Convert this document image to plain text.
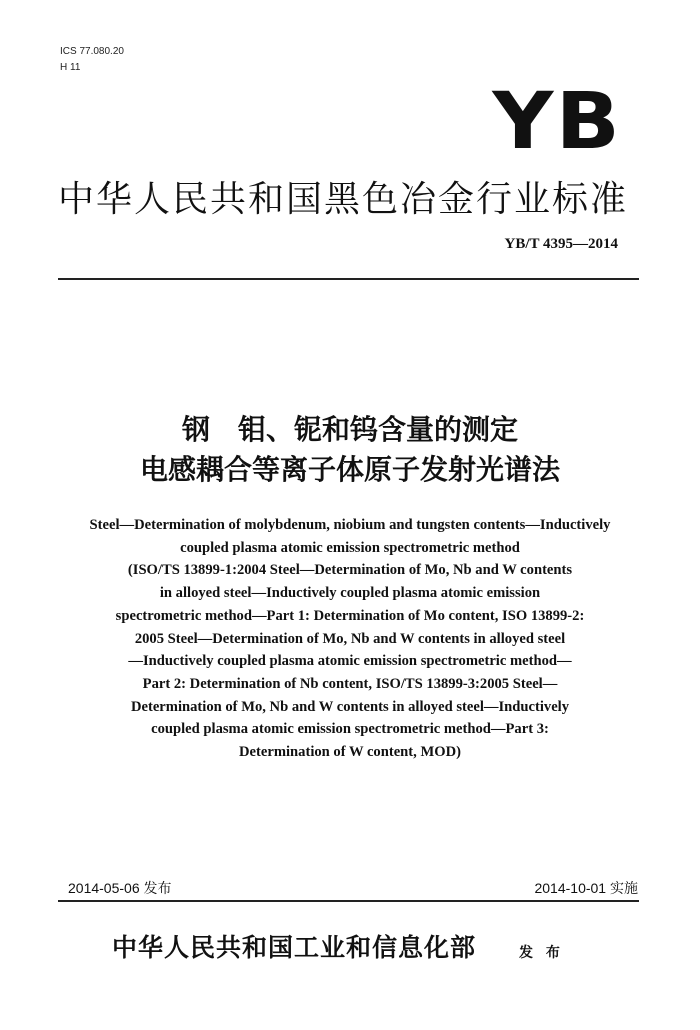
ICS 77.080.20
H 11
YB
中华人民共和国黑色冶金行业标准
YB/T 4395—2014
钢　钼、铌和钨含量的测定
电感耦合等离子体原子发射光谱法
Steel—Determination of molybdenum, niobium and tungsten contents—Inductively
coupled plasma atomic emission spectrometric method
(ISO/TS 13899-1:2004 Steel—Determination of Mo, Nb and W contents
in alloyed steel—Inductively coupled plasma atomic emission
spectrometric method—Part 1: Determination of Mo content, ISO 13899-2:
2005 Steel—Determination of Mo, Nb and W contents in alloyed steel
—Inductively coupled plasma atomic emission spectrometric method—
Part 2: Determination of Nb content, ISO/TS 13899-3:2005 Steel—
Determination of Mo, Nb and W contents in alloyed steel—Inductively
coupled plasma atomic emission spectrometric method—Part 3:
Determination of W content, MOD)
2014-05-06 发布	2014-10-01 实施
中华人民共和国工业和信息化部	发 布
